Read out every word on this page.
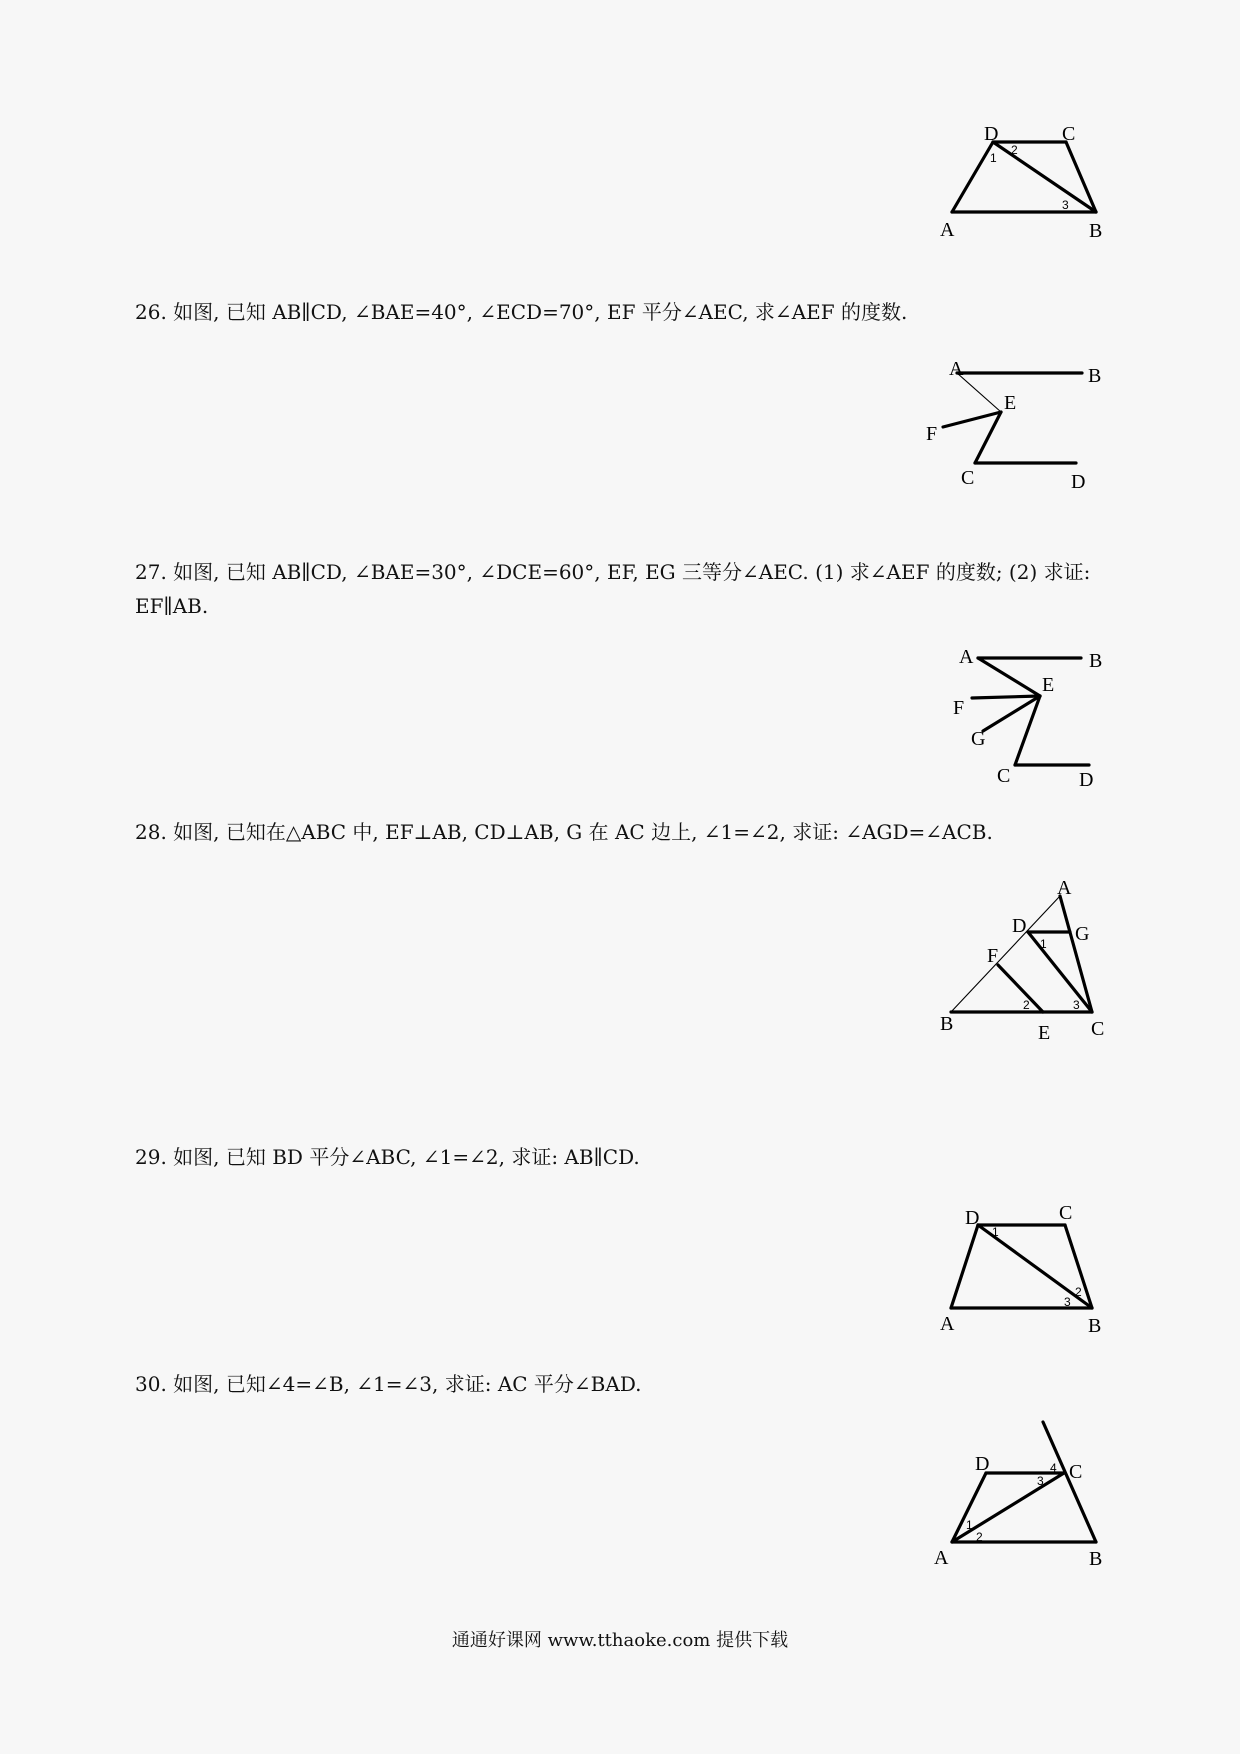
D	C
A	B
1
2
3

26. 如图, 已知 AB∥CD, ∠BAE=40°, ∠ECD=70°, EF 平分∠AEC, 求∠AEF 的度数.

A	B
E
F
C	D

27. 如图, 已知 AB∥CD, ∠BAE=30°, ∠DCE=60°, EF, EG 三等分∠AEC. (1) 求∠AEF 的度数; (2) 求证: EF∥AB.

A	B
E
F
G
C	D

28. 如图, 已知在△ABC 中, EF⊥AB, CD⊥AB, G 在 AC 边上, ∠1=∠2, 求证: ∠AGD=∠ACB.

A
D G
F
B	E C
1
2	3

29. 如图, 已知 BD 平分∠ABC, ∠1=∠2, 求证: AB∥CD.

D	C
A	B
1
2
3

30. 如图, 已知∠4=∠B, ∠1=∠3, 求证: AC 平分∠BAD.

D	C
A	B
1
2
3
4

通通好课网 www.tthaoke.com 提供下载
